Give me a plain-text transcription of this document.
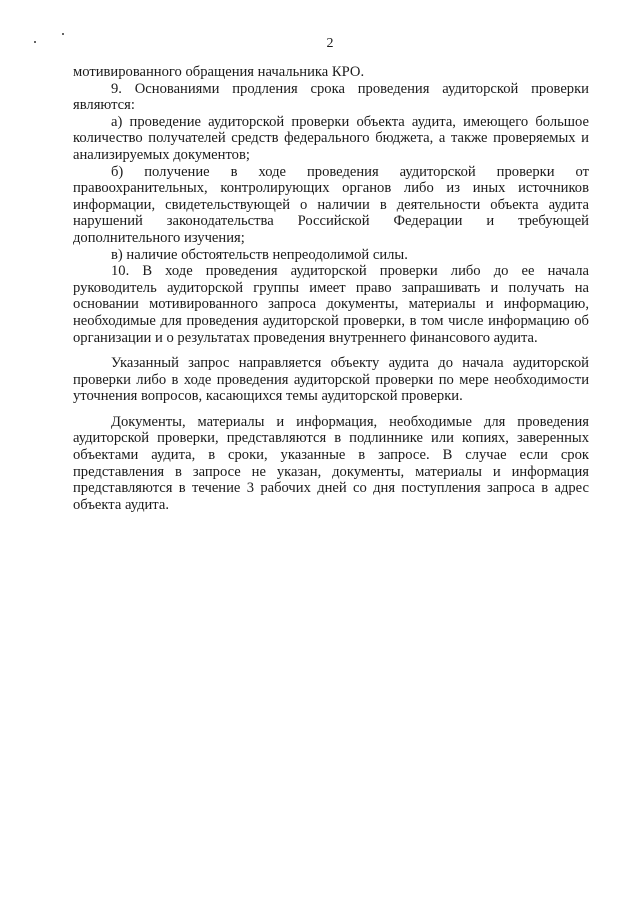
2

мотивированного обращения начальника КРО.

9. Основаниями продления срока проведения аудиторской проверки являются:

а) проведение аудиторской проверки объекта аудита, имеющего большое количество получателей средств федерального бюджета, а также проверяемых и анализируемых документов;

б) получение в ходе проведения аудиторской проверки от правоохранительных, контролирующих органов либо из иных источников информации, свидетельствующей о наличии в деятельности объекта аудита нарушений законодательства Российской Федерации и требующей дополнительного изучения;

в) наличие обстоятельств непреодолимой силы.

10. В ходе проведения аудиторской проверки либо до ее начала руководитель аудиторской группы имеет право запрашивать и получать на основании мотивированного запроса документы, материалы и информацию, необходимые для проведения аудиторской проверки, в том числе информацию об организации и о результатах проведения внутреннего финансового аудита.

Указанный запрос направляется объекту аудита до начала аудиторской проверки либо в ходе проведения аудиторской проверки по мере необходимости уточнения вопросов, касающихся темы аудиторской проверки.

Документы, материалы и информация, необходимые для проведения аудиторской проверки, представляются в подлиннике или копиях, заверенных объектами аудита, в сроки, указанные в запросе. В случае если срок представления в запросе не указан, документы, материалы и информация представляются в течение 3 рабочих дней со дня поступления запроса в адрес объекта аудита.
